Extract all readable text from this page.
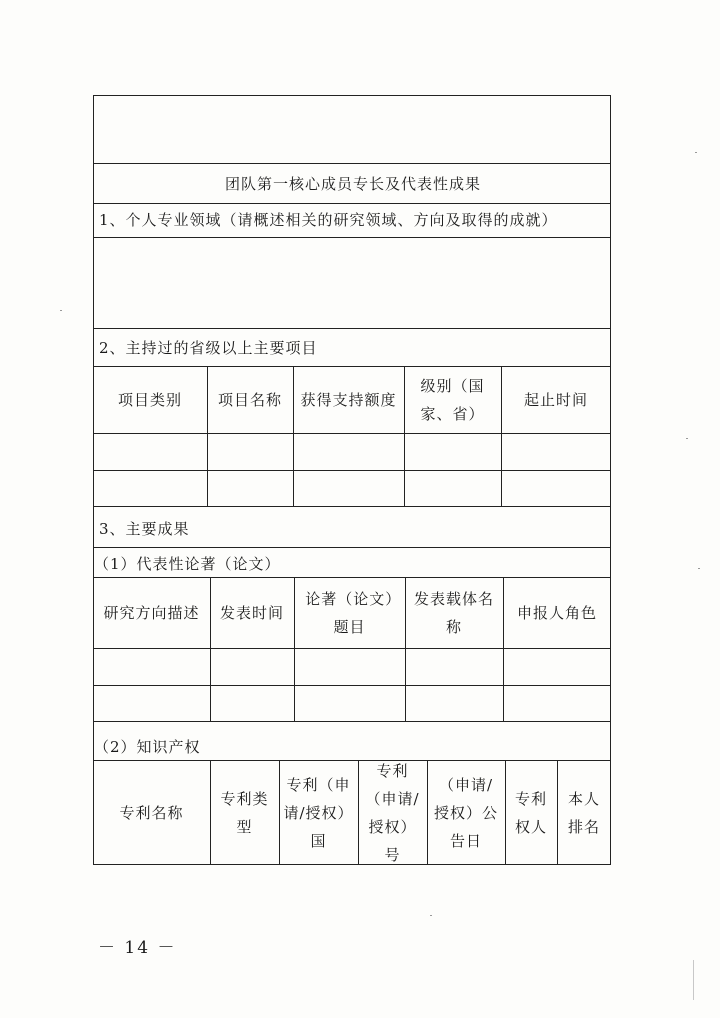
团队第一核心成员专长及代表性成果
1、个人专业领域（请概述相关的研究领域、方向及取得的成就）
2、主持过的省级以上主要项目
项目类别 项目名称 获得支持额度
级别（国家、省）
起止时间
3、主要成果
（1）代表性论著（论文）
研究方向描述 发表时间
论著（论文）题目
发表载体名称
申报人角色
（2）知识产权
专利名称
专利类型
专利（申请/授权）国
专利（申请/授权）号
（申请/授权）公告日
专利权人
本人排名
－ 14 －
